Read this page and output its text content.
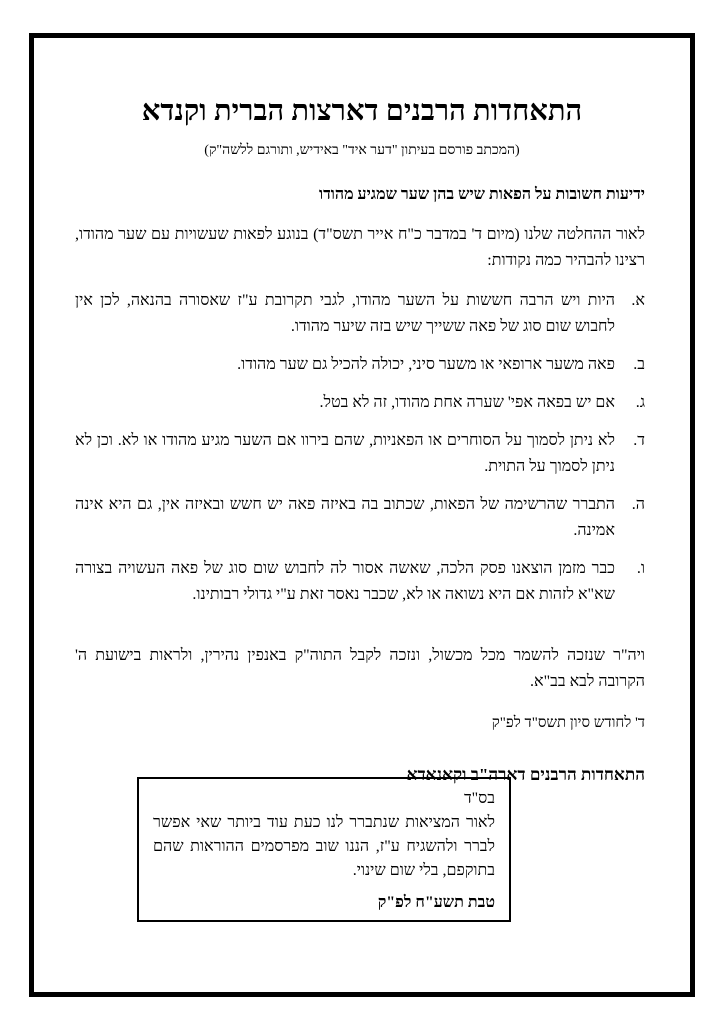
התאחדות הרבנים דארצות הברית וקנדא
(המכתב פורסם בעיתון "דער איד" באידיש, ותורגם ללשה"ק)
ידיעות חשובות על הפאות שיש בהן שער שמגיע מהודו
לאור ההחלטה שלנו (מיום ד' במדבר כ"ח אייר תשס"ד) בנוגע לפאות שעשויות עם שער מהודו, רצינו להבהיר כמה נקודות:
א.
היות ויש הרבה חששות על השער מהודו, לגבי תקרובת ע"ז שאסורה בהנאה, לכן אין לחבוש שום סוג של פאה ששייך שיש בזה שיער מהודו.
ב.
פאה משער ארופאי או משער סיני, יכולה להכיל גם שער מהודו.
ג.
אם יש בפאה אפי' שערה אחת מהודו, זה לא בטל.
ד.
לא ניתן לסמוך על הסוחרים או הפאניות, שהם בירוו אם השער מגיע מהודו או לא. וכן לא ניתן לסמוך על התוית.
ה.
התברר שהרשימה של הפאות, שכתוב בה באיזה פאה יש חשש ובאיזה אין, גם היא אינה אמינה.
ו.
כבר מזמן הוצאנו פסק הלכה, שאשה אסור לה לחבוש שום סוג של פאה העשויה בצורה שא"א לזהות אם היא נשואה או לא, שכבר נאסר זאת ע"י גדולי רבותינו.
ויה"ר שנזכה להשמר מכל מכשול, ונזכה לקבל התוה"ק באנפין נהירין, ולראות בישועת ה' הקרובה לבא בב"א.
ד' לחודש סיון תשס"ד לפ"ק
התאחדות הרבנים דארה"ב וקאנאדא
בס"ד
לאור המציאות שנתברר לנו כעת עוד ביותר שאי אפשר לברר ולהשגיח ע"ז, הננו שוב מפרסמים ההוראות שהם בתוקפם, בלי שום שינוי.
טבת תשע"ח לפ"ק
